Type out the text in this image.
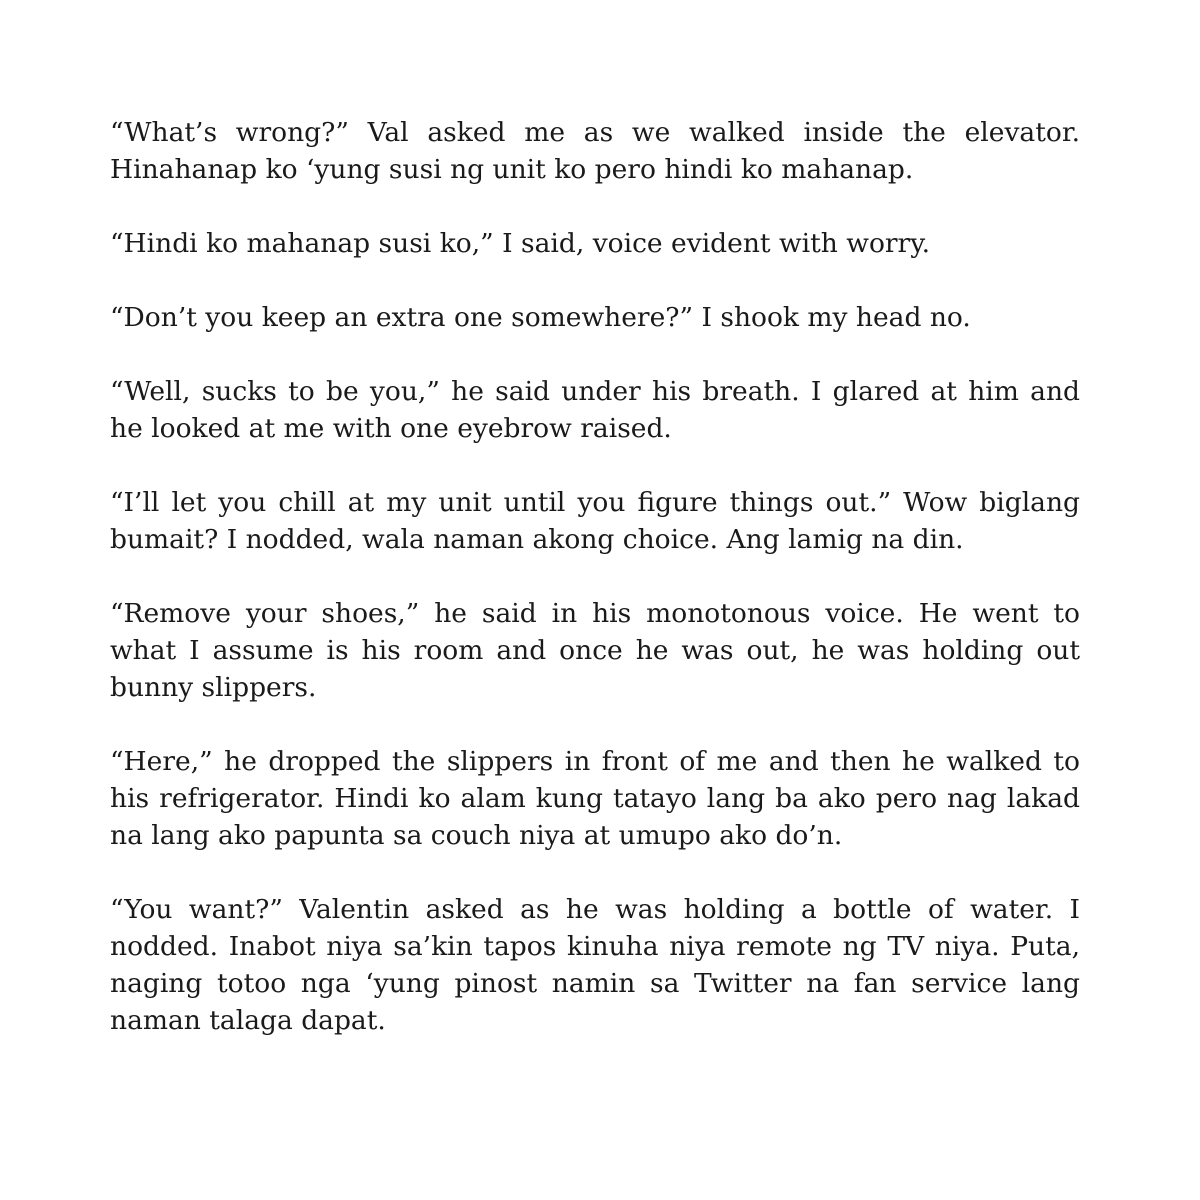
“What’s wrong?” Val asked me as we walked inside the elevator. Hinahanap ko ‘yung susi ng unit ko pero hindi ko mahanap.

“Hindi ko mahanap susi ko,” I said, voice evident with worry.

“Don’t you keep an extra one somewhere?” I shook my head no.

“Well, sucks to be you,” he said under his breath. I glared at him and he looked at me with one eyebrow raised.

“I’ll let you chill at my unit until you figure things out.” Wow biglang bumait? I nodded, wala naman akong choice. Ang lamig na din.

“Remove your shoes,” he said in his monotonous voice. He went to what I assume is his room and once he was out, he was holding out bunny slippers.

“Here,” he dropped the slippers in front of me and then he walked to his refrigerator. Hindi ko alam kung tatayo lang ba ako pero nag lakad na lang ako papunta sa couch niya at umupo ako do’n.

“You want?” Valentin asked as he was holding a bottle of water. I nodded. Inabot niya sa’kin tapos kinuha niya remote ng TV niya. Puta, naging totoo nga ‘yung pinost namin sa Twitter na fan service lang naman talaga dapat.
